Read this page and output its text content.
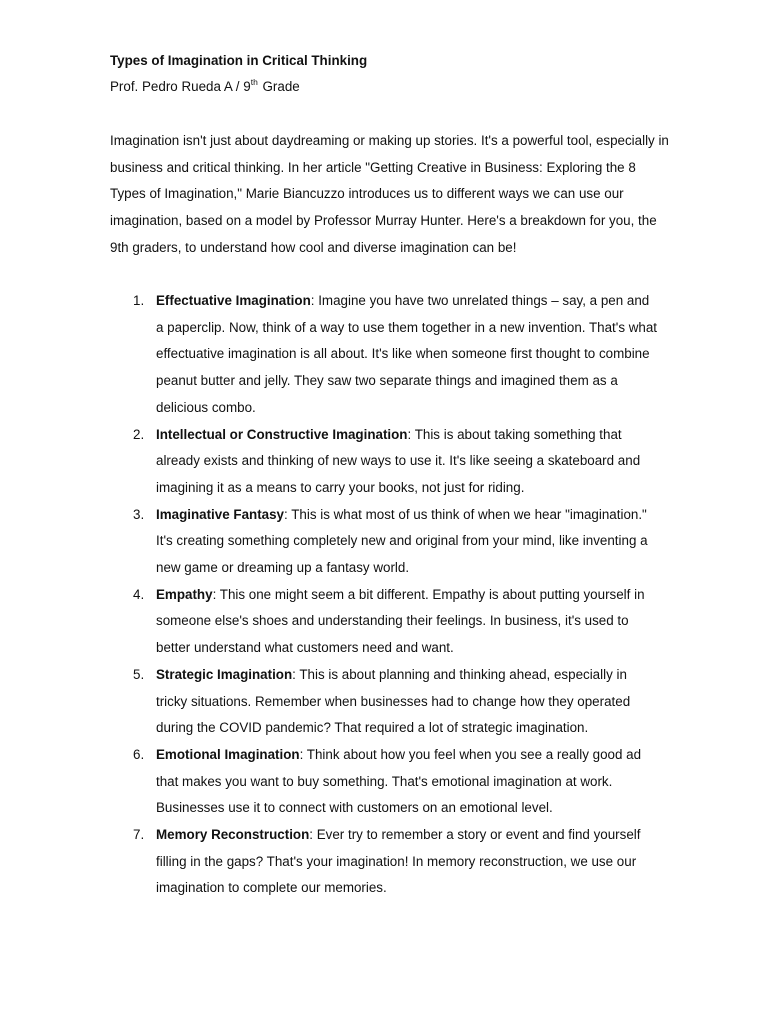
Types of Imagination in Critical Thinking
Prof. Pedro Rueda A / 9th Grade

Imagination isn't just about daydreaming or making up stories. It's a powerful tool, especially in business and critical thinking. In her article "Getting Creative in Business: Exploring the 8 Types of Imagination," Marie Biancuzzo introduces us to different ways we can use our imagination, based on a model by Professor Murray Hunter. Here's a breakdown for you, the 9th graders, to understand how cool and diverse imagination can be!

1. Effectuative Imagination: Imagine you have two unrelated things – say, a pen and a paperclip. Now, think of a way to use them together in a new invention. That's what effectuative imagination is all about. It's like when someone first thought to combine peanut butter and jelly. They saw two separate things and imagined them as a delicious combo.
2. Intellectual or Constructive Imagination: This is about taking something that already exists and thinking of new ways to use it. It's like seeing a skateboard and imagining it as a means to carry your books, not just for riding.
3. Imaginative Fantasy: This is what most of us think of when we hear "imagination." It's creating something completely new and original from your mind, like inventing a new game or dreaming up a fantasy world.
4. Empathy: This one might seem a bit different. Empathy is about putting yourself in someone else's shoes and understanding their feelings. In business, it's used to better understand what customers need and want.
5. Strategic Imagination: This is about planning and thinking ahead, especially in tricky situations. Remember when businesses had to change how they operated during the COVID pandemic? That required a lot of strategic imagination.
6. Emotional Imagination: Think about how you feel when you see a really good ad that makes you want to buy something. That's emotional imagination at work. Businesses use it to connect with customers on an emotional level.
7. Memory Reconstruction: Ever try to remember a story or event and find yourself filling in the gaps? That's your imagination! In memory reconstruction, we use our imagination to complete our memories.
